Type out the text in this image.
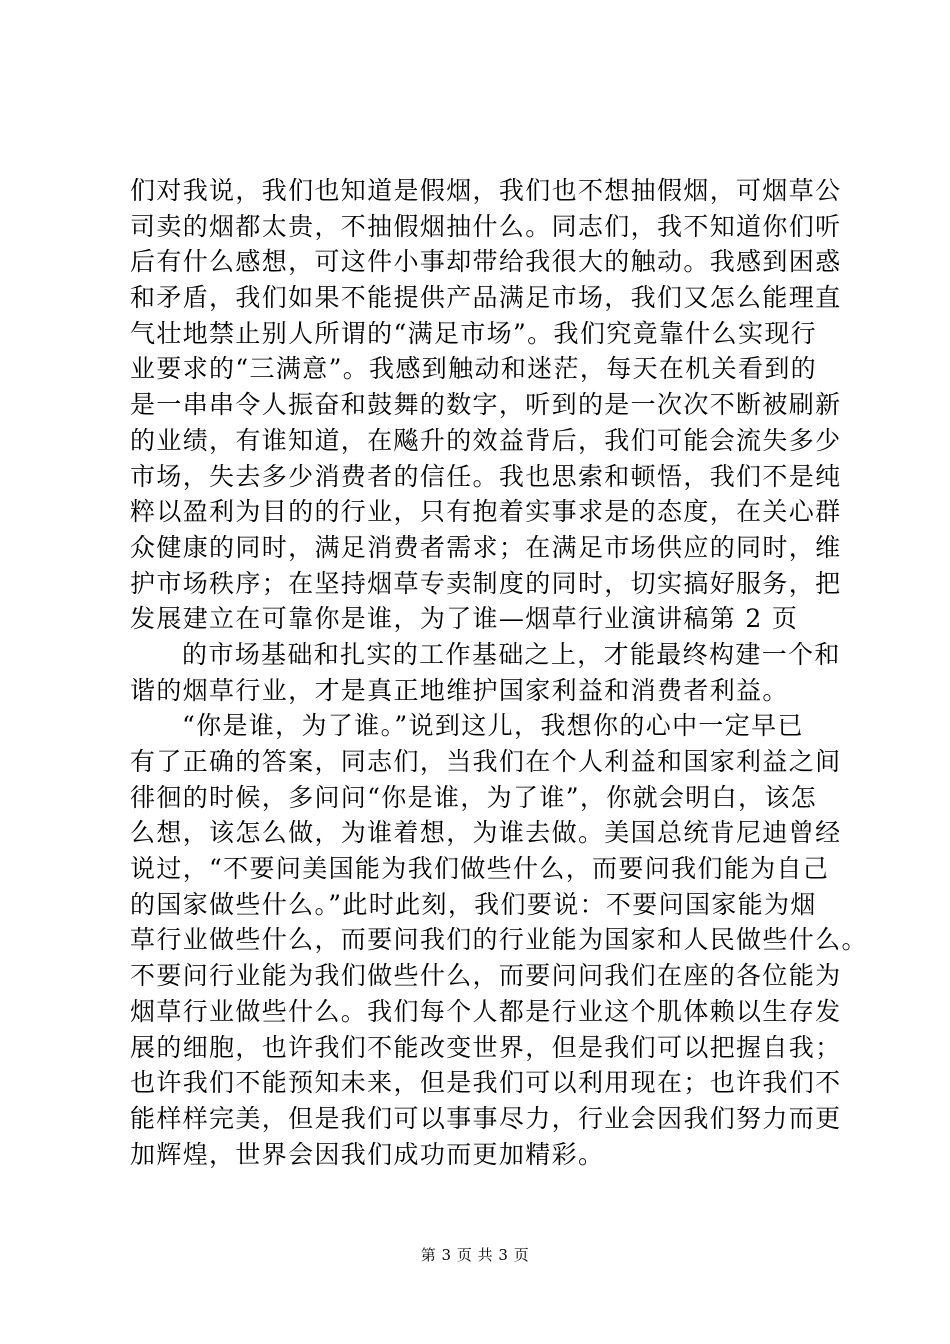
们对我说，我们也知道是假烟，我们也不想抽假烟，可烟草公
司卖的烟都太贵，不抽假烟抽什么。同志们，我不知道你们听
后有什么感想，可这件小事却带给我很大的触动。我感到困惑
和矛盾，我们如果不能提供产品满足市场，我们又怎么能理直
气壮地禁止别人所谓的“满足市场”。我们究竟靠什么实现行
业要求的“三满意”。我感到触动和迷茫，每天在机关看到的
是一串串令人振奋和鼓舞的数字，听到的是一次次不断被刷新
的业绩，有谁知道，在飚升的效益背后，我们可能会流失多少
市场，失去多少消费者的信任。我也思索和顿悟，我们不是纯
粹以盈利为目的的行业，只有抱着实事求是的态度，在关心群
众健康的同时，满足消费者需求；在满足市场供应的同时，维
护市场秩序；在坚持烟草专卖制度的同时，切实搞好服务，把
发展建立在可靠你是谁，为了谁—烟草行业演讲稿第 2 页
的市场基础和扎实的工作基础之上，才能最终构建一个和
谐的烟草行业，才是真正地维护国家利益和消费者利益。
“你是谁，为了谁。”说到这儿，我想你的心中一定早已
有了正确的答案，同志们，当我们在个人利益和国家利益之间
徘徊的时候，多问问“你是谁，为了谁”，你就会明白，该怎
么想，该怎么做，为谁着想，为谁去做。美国总统肯尼迪曾经
说过，“不要问美国能为我们做些什么，而要问我们能为自己
的国家做些什么。”此时此刻，我们要说：不要问国家能为烟
草行业做些什么，而要问我们的行业能为国家和人民做些什么。
不要问行业能为我们做些什么，而要问问我们在座的各位能为
烟草行业做些什么。我们每个人都是行业这个肌体赖以生存发
展的细胞，也许我们不能改变世界，但是我们可以把握自我；
也许我们不能预知未来，但是我们可以利用现在；也许我们不
能样样完美，但是我们可以事事尽力，行业会因我们努力而更
加辉煌，世界会因我们成功而更加精彩。
第 3 页 共 3 页
